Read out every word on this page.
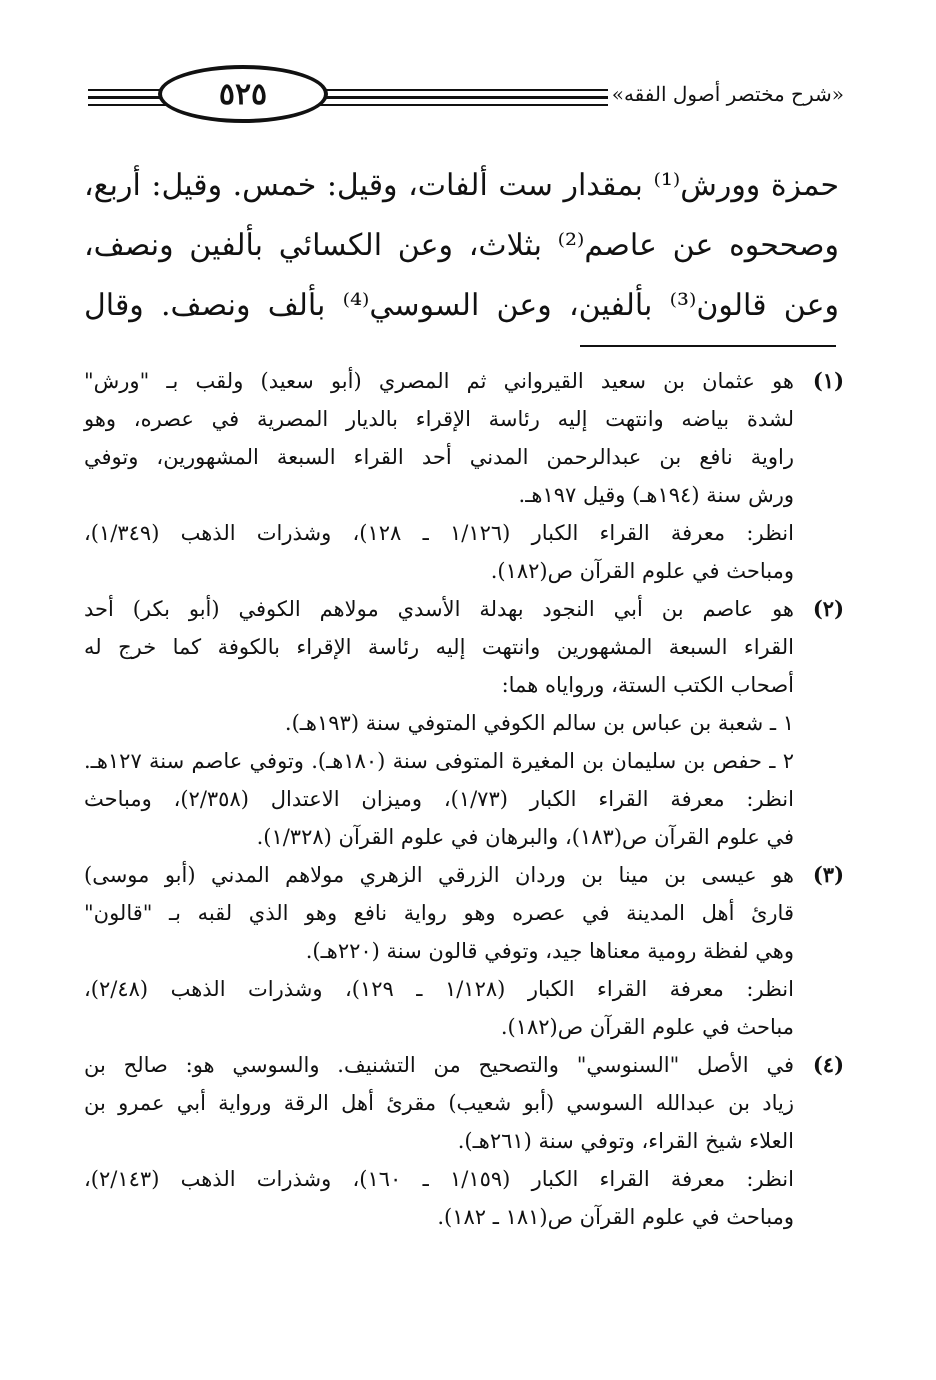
٥٢٥	«شرح مختصر أصول الفقه»
حمزة وورش⁽¹⁾ بمقدار ست ألفات، وقيل: خمس. وقيل: أربع،
وصححوه عن عاصم⁽²⁾ بثلاث، وعن الكسائي بألفين ونصف،
وعن قالون⁽³⁾ بألفين، وعن السوسي⁽⁴⁾ بألف ونصف. وقال
(١)
هو عثمان بن سعيد القيرواني ثم المصري (أبو سعيد) ولقب بـ "ورش"
لشدة بياضه وانتهت إليه رئاسة الإقراء بالديار المصرية في عصره، وهو
راوية نافع بن عبدالرحمن المدني أحد القراء السبعة المشهورين، وتوفي
ورش سنة (١٩٤هـ) وقيل ١٩٧هـ.
انظر: معرفة القراء الكبار (١/١٢٦ ـ ١٢٨)، وشذرات الذهب (١/٣٤٩)،
ومباحث في علوم القرآن ص(١٨٢).
(٢)
هو عاصم بن أبي النجود بهدلة الأسدي مولاهم الكوفي (أبو بكر) أحد
القراء السبعة المشهورين وانتهت إليه رئاسة الإقراء بالكوفة كما خرج له
أصحاب الكتب الستة، ورواياه هما:
١ ـ شعبة بن عباس بن سالم الكوفي المتوفي سنة (١٩٣هـ).
٢ ـ حفص بن سليمان بن المغيرة المتوفى سنة (١٨٠هـ). وتوفي عاصم سنة ١٢٧هـ.
انظر: معرفة القراء الكبار (١/٧٣)، وميزان الاعتدال (٢/٣٥٨)، ومباحث
في علوم القرآن ص(١٨٣)، والبرهان في علوم القرآن (١/٣٢٨).
(٣)
هو عيسى بن مينا بن وردان الزرقي الزهري مولاهم المدني (أبو موسى)
قارئ أهل المدينة في عصره وهو رواية نافع وهو الذي لقبه بـ "قالون"
وهي لفظة رومية معناها جيد، وتوفي قالون سنة (٢٢٠هـ).
انظر: معرفة القراء الكبار (١/١٢٨ ـ ١٢٩)، وشذرات الذهب (٢/٤٨)،
مباحث في علوم القرآن ص(١٨٢).
(٤)
في الأصل "السنوسي" والتصحيح من التشنيف. والسوسي هو: صالح بن
زياد بن عبدالله السوسي (أبو شعيب) مقرئ أهل الرقة ورواية أبي عمرو بن
العلاء شيخ القراء، وتوفي سنة (٢٦١هـ).
انظر: معرفة القراء الكبار (١/١٥٩ ـ ١٦٠)، وشذرات الذهب (٢/١٤٣)،
ومباحث في علوم القرآن ص(١٨١ ـ ١٨٢).
